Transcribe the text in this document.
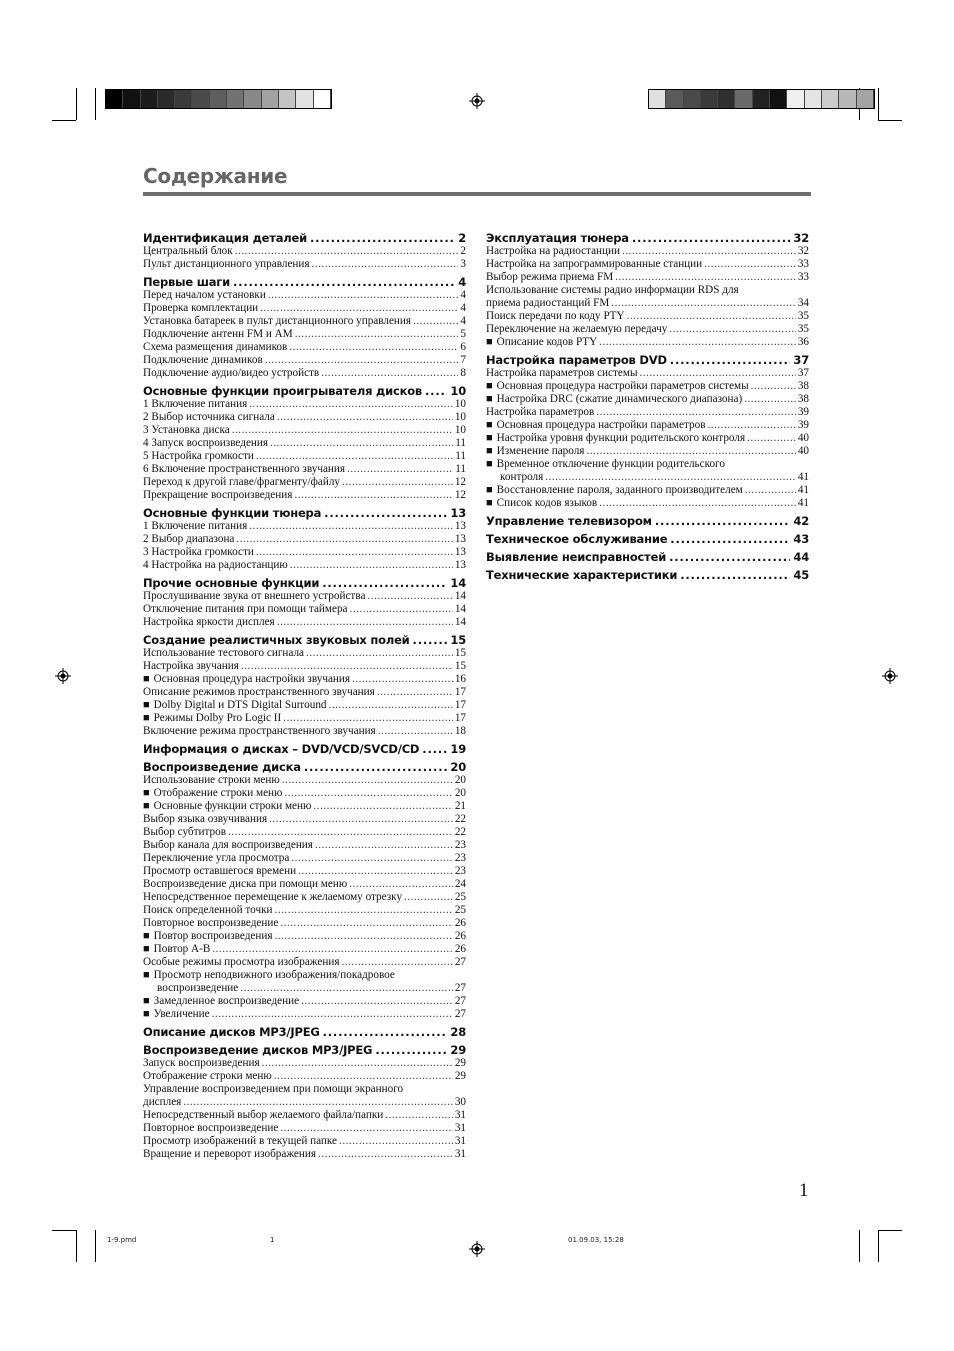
Содержание
Идентификация деталей .....	2
Центральный блок .....	2
Пульт дистанционного управления .....	3
Первые шаги .....	4
Перед началом установки .....	4
Проверка комплектации .....	4
Установка батареек в пульт дистанционного управления .....	4
Подключение антенн FM и AM .....	5
Схема размещения динамиков .....	6
Подключение динамиков .....	7
Подключение аудио/видео устройств .....	8
Основные функции проигрывателя дисков ..... 10
1 Включение питания .....	10
2 Выбор источника сигнала .....	10
3 Установка диска .....	10
4 Запуск воспроизведения .....	11
5 Настройка громкости .....	11
6 Включение пространственного звучания .....	11
Переход к другой главе/фрагменту/файлу .....	12
Прекращение воспроизведения .....	12
Основные функции тюнера .....	13
1 Включение питания .....	13
2 Выбор диапазона .....	13
3 Настройка громкости .....	13
4 Настройка на радиостанцию .....	13
Прочие основные функции .....	14
Прослушивание звука от внешнего устройства .....	14
Отключение питания при помощи таймера .....	14
Настройка яркости дисплея .....	14
Создание реалистичных звуковых полей .....	15
Использование тестового сигнала .....	15
Настройка звучания .....	15
■ Основная процедура настройки звучания .....	16
Описание режимов пространственного звучания .....	17
■ Dolby Digital и DTS Digital Surround .....	17
■ Режимы Dolby Pro Logic II .....	17
Включение режима пространственного звучания .....	18
Информация о дисках – DVD/VCD/SVCD/CD .....	19
Воспроизведение диска .....	20
Использование строки меню .....	20
■ Отображение строки меню .....	20
■ Основные функции строки меню .....	21
Выбор языка озвучивания .....	22
Выбор субтитров .....	22
Выбор канала для воспроизведения .....	23
Переключение угла просмотра .....	23
Просмотр оставшегося времени .....	23
Воспроизведение диска при помощи меню .....	24
Непосредственное перемещение к желаемому отрезку .....	25
Поиск определенной точки .....	25
Повторное воспроизведение .....	26
■ Повтор воспроизведения .....	26
■ Повтор A-B .....	26
Особые режимы просмотра изображения .....	27
■ Просмотр неподвижного изображения/покадровое
воспроизведение .....	27
■ Замедленное воспроизведение .....	27
■ Увеличение .....	27
Описание дисков MP3/JPEG .....	28
Воспроизведение дисков MP3/JPEG .....	29
Запуск воспроизведения .....	29
Отображение строки меню .....	29
Управление воспроизведением при помощи экранного
дисплея .....	30
Непосредственный выбор желаемого файла/папки .....	31
Повторное воспроизведение .....	31
Просмотр изображений в текущей папке .....	31
Вращение и переворот изображения .....	31
Эксплуатация тюнера .....	32
Настройка на радиостанции .....	32
Настройка на запрограммированные станции .....	33
Выбор режима приема FM .....	33
Использование системы радио информации RDS для
приема радиостанций FM .....	34
Поиск передачи по коду PTY .....	35
Переключение на желаемую передачу .....	35
■ Описание кодов PTY .....	36
Настройка параметров DVD .....	37
Настройка параметров системы .....	37
■ Основная процедура настройки параметров системы .....	38
■ Настройка DRC (сжатие динамического диапазона) .....	38
Настройка параметров .....	39
■ Основная процедура настройки параметров .....	39
■ Настройка уровня функции родительского контроля .....	40
■ Изменение пароля .....	40
■ Временное отключение функции родительского
контроля .....	41
■ Восстановление пароля, заданного производителем .....	41
■ Список кодов языков .....	41
Управление телевизором .....	42
Техническое обслуживание .....	43
Выявление неисправностей .....	44
Технические характеристики .....	45
1
1-9.pmd	1	01.09.03, 15:28
